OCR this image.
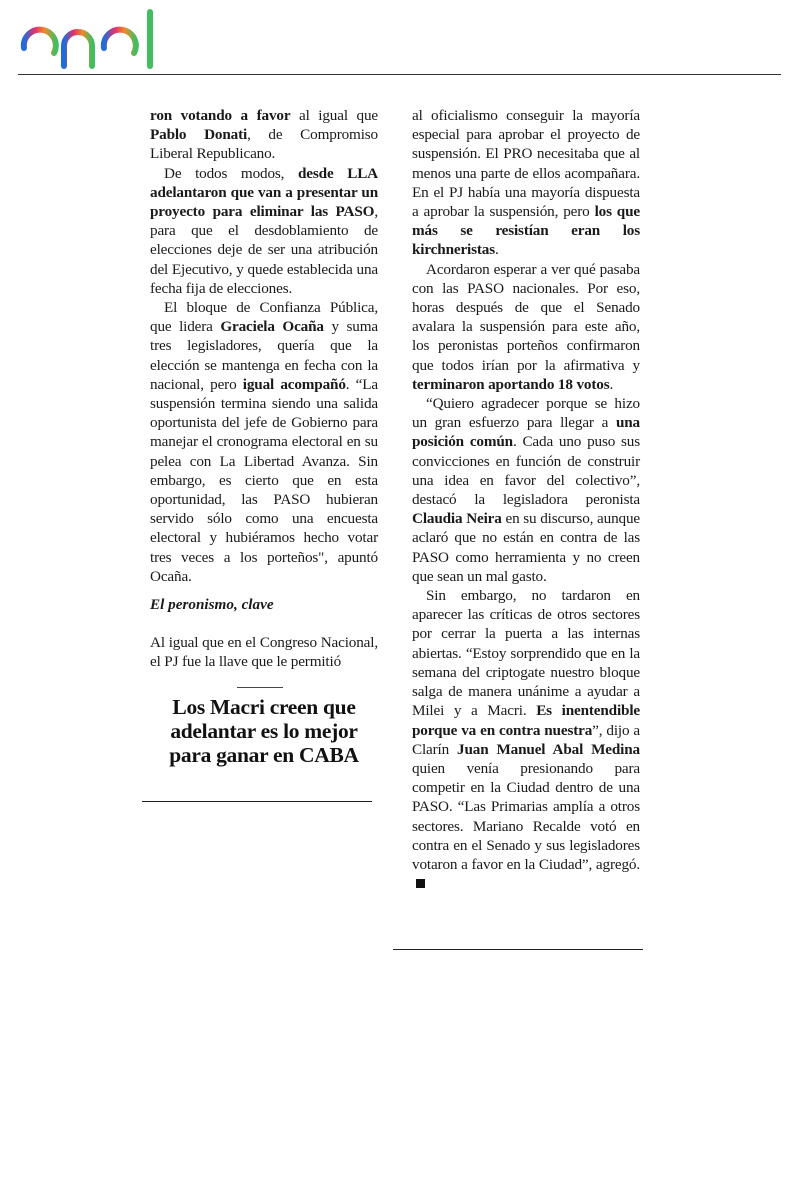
ron votando a favor al igual que Pablo Donati, de Compromiso Liberal Republicano.

De todos modos, desde LLA adelantaron que van a presentar un proyecto para eliminar las PASO, para que el desdoblamiento de elecciones deje de ser una atribución del Ejecutivo, y quede establecida una fecha fija de elecciones.

El bloque de Confianza Pública, que lidera Graciela Ocaña y suma tres legisladores, quería que la elección se mantenga en fecha con la nacional, pero igual acompañó. “La suspensión termina siendo una salida oportunista del jefe de Gobierno para manejar el cronograma electoral en su pelea con La Libertad Avanza. Sin embargo, es cierto que en esta oportunidad, las PASO hubieran servido sólo como una encuesta electoral y hubiéramos hecho votar tres veces a los porteños", apuntó Ocaña.

El peronismo, clave

Al igual que en el Congreso Nacional, el PJ fue la llave que le permitió

Los Macri creen que adelantar es lo mejor para ganar en CABA

al oficialismo conseguir la mayoría especial para aprobar el proyecto de suspensión. El PRO necesitaba que al menos una parte de ellos acompañara. En el PJ había una mayoría dispuesta a aprobar la suspensión, pero los que más se resistían eran los kirchneristas.

Acordaron esperar a ver qué pasaba con las PASO nacionales. Por eso, horas después de que el Senado avalara la suspensión para este año, los peronistas porteños confirmaron que todos irían por la afirmativa y terminaron aportando 18 votos.

“Quiero agradecer porque se hizo un gran esfuerzo para llegar a una posición común. Cada uno puso sus convicciones en función de construir una idea en favor del colectivo”, destacó la legisladora peronista Claudia Neira en su discurso, aunque aclaró que no están en contra de las PASO como herramienta y no creen que sean un mal gasto.

Sin embargo, no tardaron en aparecer las críticas de otros sectores por cerrar la puerta a las internas abiertas. “Estoy sorprendido que en la semana del criptogate nuestro bloque salga de manera unánime a ayudar a Milei y a Macri. Es inentendible porque va en contra nuestra”, dijo a Clarín Juan Manuel Abal Medina quien venía presionando para competir en la Ciudad dentro de una PASO. “Las Primarias amplía a otros sectores. Mariano Recalde votó en contra en el Senado y sus legisladores votaron a favor en la Ciudad”, agregó.
